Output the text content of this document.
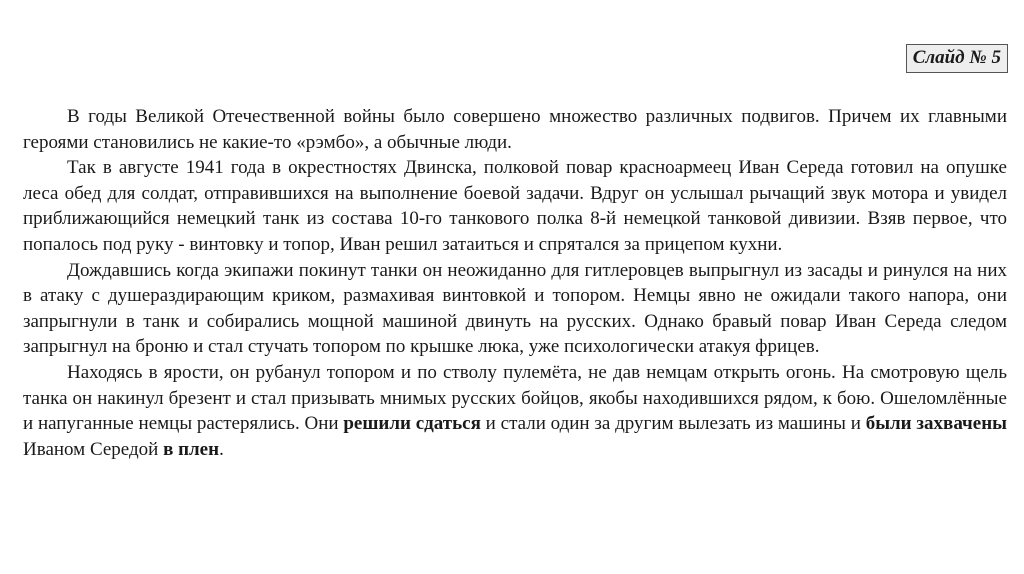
Слайд № 5

В годы Великой Отечественной войны было совершено множество различных подвигов. Причем их главными героями становились не какие-то «рэмбо», а обычные люди.

Так в августе 1941 года в окрестностях Двинска, полковой повар красноармеец Иван Середа готовил на опушке леса обед для солдат, отправившихся на выполнение боевой задачи. Вдруг он услышал рычащий звук мотора и увидел приближающийся немецкий танк из состава 10-го танкового полка 8-й немецкой танковой дивизии. Взяв первое, что попалось под руку - винтовку и топор, Иван решил затаиться и спрятался за прицепом кухни.

Дождавшись когда экипажи покинут танки он неожиданно для гитлеровцев выпрыгнул из засады и ринулся на них в атаку с душераздирающим криком, размахивая винтовкой и топором. Немцы явно не ожидали такого напора, они запрыгнули в танк и собирались мощной машиной двинуть на русских. Однако бравый повар Иван Середа следом запрыгнул на броню и стал стучать топором по крышке люка, уже психологически атакуя фрицев.

Находясь в ярости, он рубанул топором и по стволу пулемёта, не дав немцам открыть огонь. На смотровую щель танка он накинул брезент и стал призывать мнимых русских бойцов, якобы находившихся рядом, к бою. Ошеломлённые и напуганные немцы растерялись. Они решили сдаться и стали один за другим вылезать из машины и были захвачены Иваном Середой в плен.
